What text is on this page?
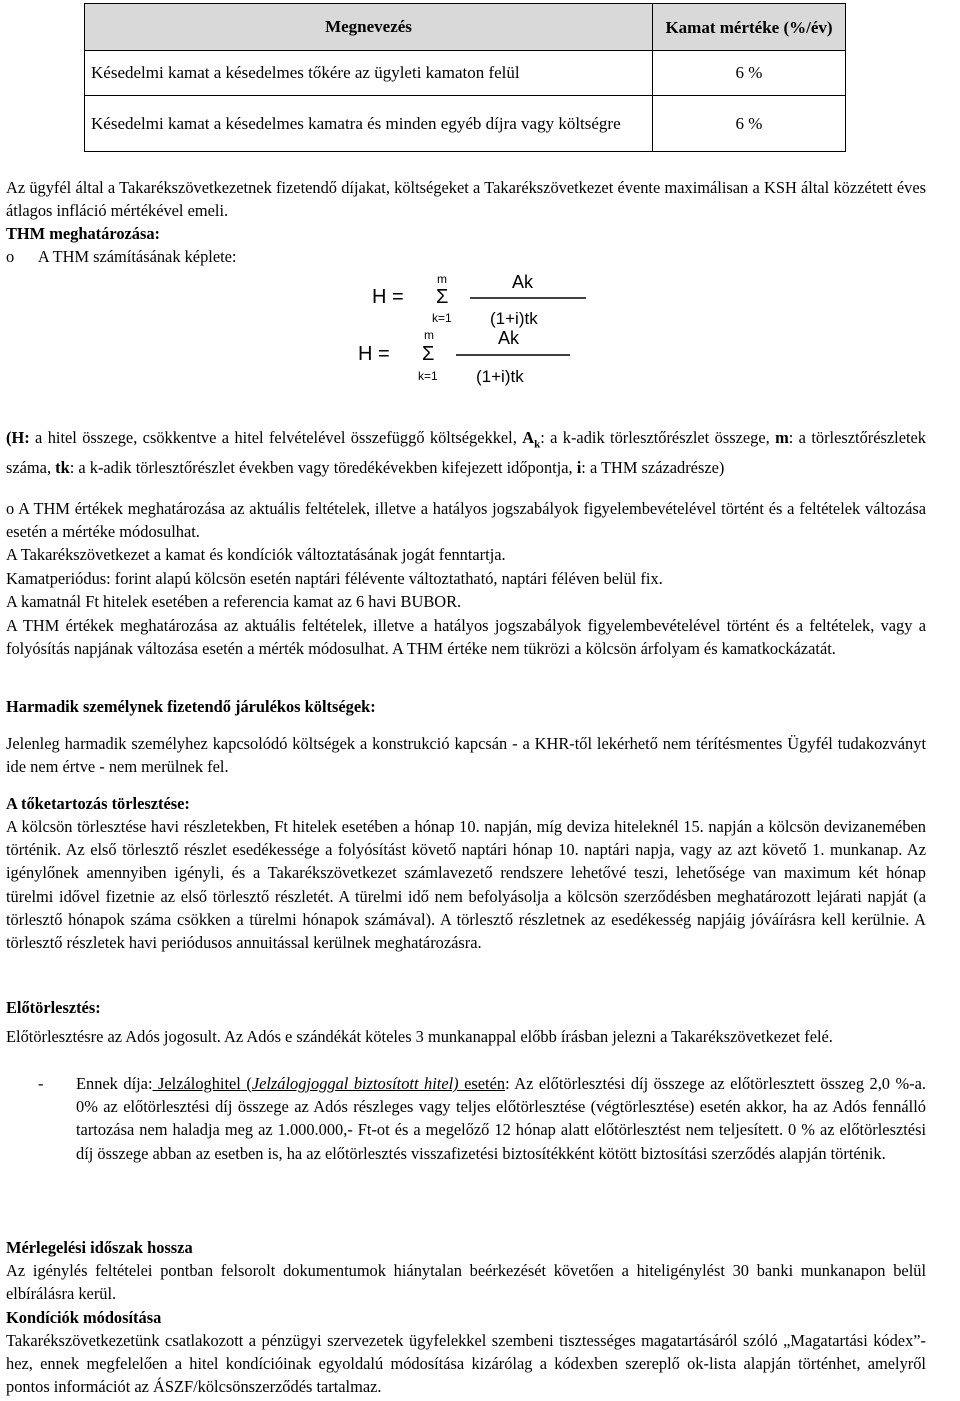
Megnevezés	Kamat mértéke (%/év)
Késedelmi kamat a késedelmes tőkére az ügyleti kamaton felül	6 %
Késedelmi kamat a késedelmes kamatra és minden egyéb díjra vagy költségre	6 %
Az ügyfél által a Takarékszövetkezetnek fizetendő díjakat, költségeket a Takarékszövetkezet évente maximálisan a KSH által közzétett éves átlagos infláció mértékével emeli.
THM meghatározása:
o      A THM számításának képlete:
H =
m
Σ
k=1
Ak
(1+i)tk
H =
m
Σ
k=1
Ak
(1+i)tk
(H: a hitel összege, csökkentve a hitel felvételével összefüggő költségekkel, $A_k$: a k-adik törlesztőrészlet összege, m: a törlesztőrészletek száma, tk: a k-adik törlesztőrészlet években vagy töredékévekben kifejezett időpontja, i: a THM századrésze)
o A THM értékek meghatározása az aktuális feltételek, illetve a hatályos jogszabályok figyelembevételével történt és a feltételek változása esetén a mértéke módosulhat.
A Takarékszövetkezet a kamat és kondíciók változtatásának jogát fenntartja.
Kamatperiódus: forint alapú kölcsön esetén naptári félévente változtatható, naptári féléven belül fix.
A kamatnál Ft hitelek esetében a referencia kamat az 6 havi BUBOR.
A THM értékek meghatározása az aktuális feltételek, illetve a hatályos jogszabályok figyelembevételével történt és a feltételek, vagy a folyósítás napjának változása esetén a mérték módosulhat. A THM értéke nem tükrözi a kölcsön árfolyam és kamatkockázatát.
Harmadik személynek fizetendő járulékos költségek:
Jelenleg harmadik személyhez kapcsolódó költségek a konstrukció kapcsán - a KHR-től lekérhető nem térítésmentes Ügyfél tudakozványt ide nem értve - nem merülnek fel.
A tőketartozás törlesztése:
A kölcsön törlesztése havi részletekben, Ft hitelek esetében a hónap 10. napján, míg deviza hiteleknél 15. napján a kölcsön devizanemében történik. Az első törlesztő részlet esedékessége a folyósítást követő naptári hónap 10. naptári napja, vagy az azt követő 1. munkanap. Az igénylőnek amennyiben igényli, és a Takarékszövetkezet számlavezető rendszere lehetővé teszi, lehetősége van maximum két hónap türelmi idővel fizetnie az első törlesztő részletét. A türelmi idő nem befolyásolja a kölcsön szerződésben meghatározott lejárati napját (a törlesztő hónapok száma csökken a türelmi hónapok számával). A törlesztő részletnek az esedékesség napjáig jóváírásra kell kerülnie. A törlesztő részletek havi periódusos annuitással kerülnek meghatározásra.
Előtörlesztés:
Előtörlesztésre az Adós jogosult. Az Adós e szándékát köteles 3 munkanappal előbb írásban jelezni a Takarékszövetkezet felé.
-	Ennek díja: Jelzáloghitel (Jelzálogjoggal biztosított hitel) esetén: Az előtörlesztési díj összege az előtörlesztett összeg 2,0 %-a. 0% az előtörlesztési díj összege az Adós részleges vagy teljes előtörlesztése (végtörlesztése) esetén akkor, ha az Adós fennálló tartozása nem haladja meg az 1.000.000,- Ft-ot és a megelőző 12 hónap alatt előtörlesztést nem teljesített. 0 % az előtörlesztési díj összege abban az esetben is, ha az előtörlesztés visszafizetési biztosítékként kötött biztosítási szerződés alapján történik.
Mérlegelési időszak hossza
Az igénylés feltételei pontban felsorolt dokumentumok hiánytalan beérkezését követően a hiteligénylést 30 banki munkanapon belül elbírálásra kerül.
Kondíciók módosítása
Takarékszövetkezetünk csatlakozott a pénzügyi szervezetek ügyfelekkel szembeni tisztességes magatartásáról szóló „Magatartási kódex”-hez, ennek megfelelően a hitel kondícióinak egyoldalú módosítása kizárólag a kódexben szereplő ok-lista alapján történhet, amelyről pontos információt az ÁSZF/kölcsönszerződés tartalmaz.
